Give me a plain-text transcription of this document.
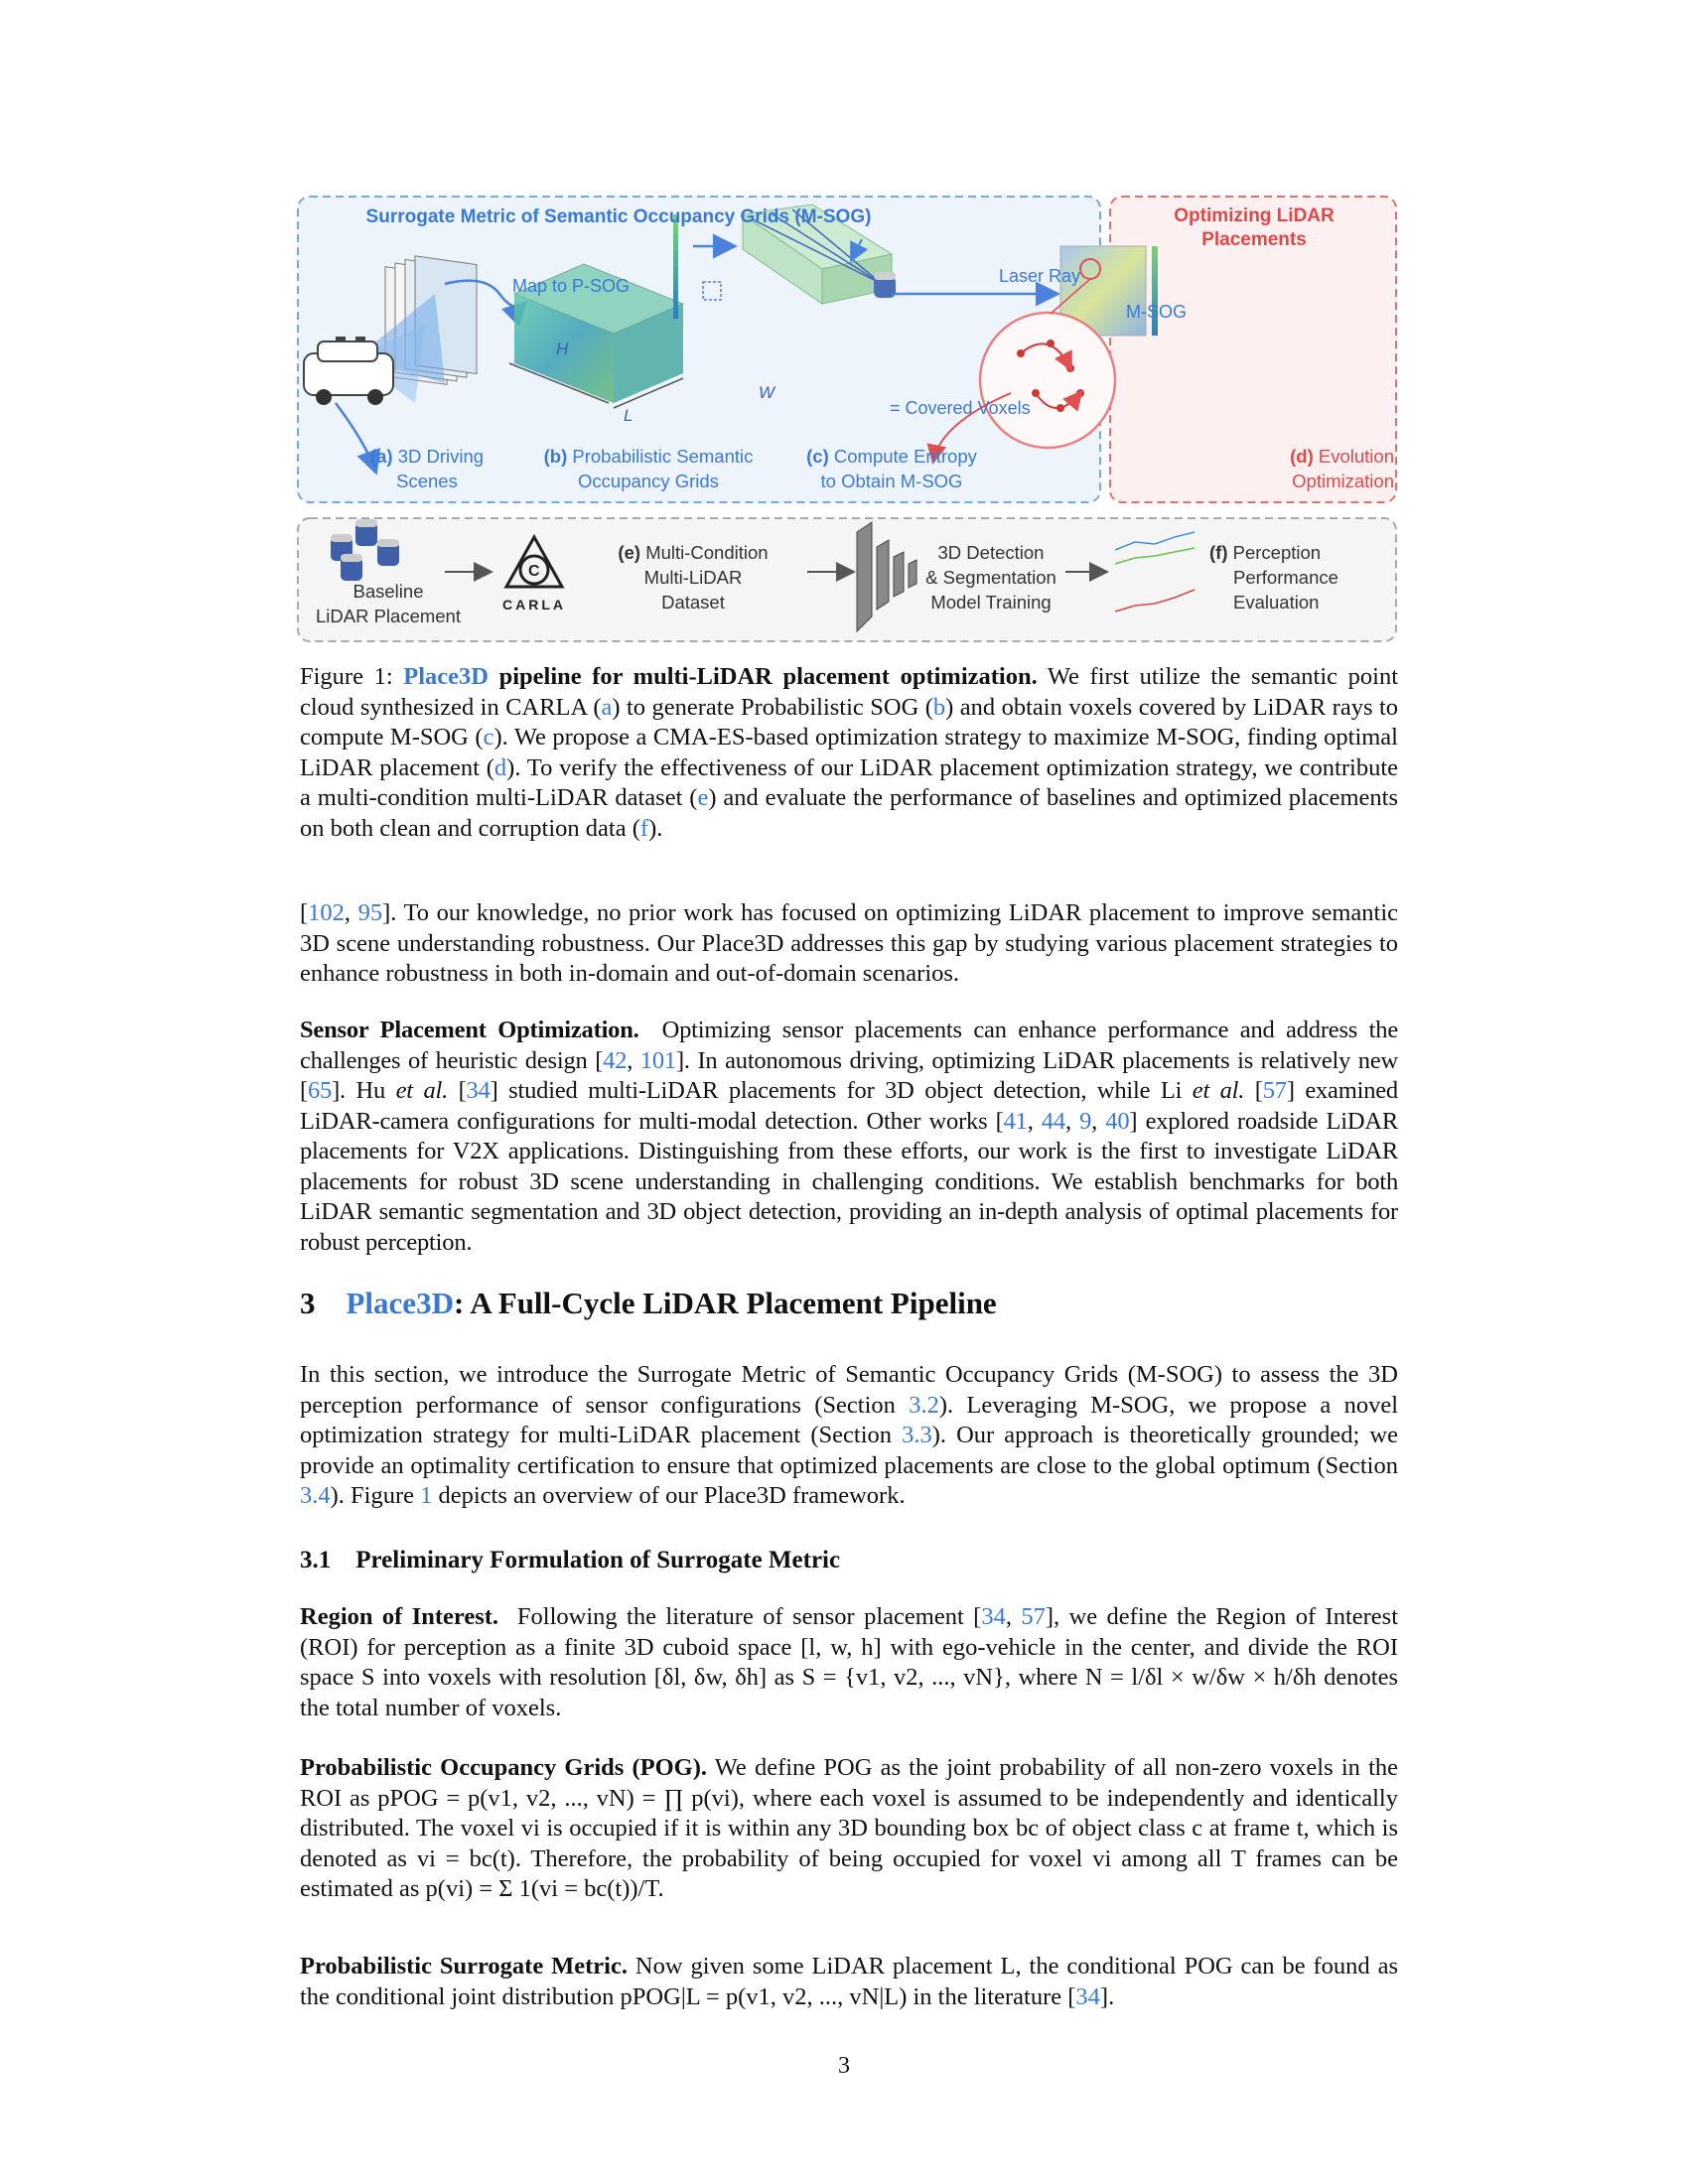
C
Surrogate Metric of Semantic Occupancy Grids (M-SOG)	Optimizing LiDAR
Placements
Map to P-SOG	Laser Ray
M-SOG
H
L
W
= Covered Voxels
(a) 3D Driving
Scenes
(b) Probabilistic Semantic
Occupancy Grids
(c) Compute Entropy
to Obtain M-SOG
(d) Evolution
Optimization
Baseline
LiDAR Placement
CARLA
(e) Multi-Condition
Multi-LiDAR
Dataset
3D Detection
& Segmentation
Model Training
(f) Perception
Performance
Evaluation
Figure 1: Place3D pipeline for multi-LiDAR placement optimization. We first utilize the semantic point cloud synthesized in CARLA (a) to generate Probabilistic SOG (b) and obtain voxels covered by LiDAR rays to compute M-SOG (c). We propose a CMA-ES-based optimization strategy to maximize M-SOG, finding optimal LiDAR placement (d). To verify the effectiveness of our LiDAR placement optimization strategy, we contribute a multi-condition multi-LiDAR dataset (e) and evaluate the performance of baselines and optimized placements on both clean and corruption data (f).

[102, 95]. To our knowledge, no prior work has focused on optimizing LiDAR placement to improve semantic 3D scene understanding robustness. Our Place3D addresses this gap by studying various placement strategies to enhance robustness in both in-domain and out-of-domain scenarios.

Sensor Placement Optimization. Optimizing sensor placements can enhance performance and address the challenges of heuristic design [42, 101]. In autonomous driving, optimizing LiDAR placements is relatively new [65]. Hu et al. [34] studied multi-LiDAR placements for 3D object detection, while Li et al. [57] examined LiDAR-camera configurations for multi-modal detection. Other works [41, 44, 9, 40] explored roadside LiDAR placements for V2X applications. Distinguishing from these efforts, our work is the first to investigate LiDAR placements for robust 3D scene understanding in challenging conditions. We establish benchmarks for both LiDAR semantic segmentation and 3D object detection, providing an in-depth analysis of optimal placements for robust perception.

3 Place3D: A Full-Cycle LiDAR Placement Pipeline

In this section, we introduce the Surrogate Metric of Semantic Occupancy Grids (M-SOG) to assess the 3D perception performance of sensor configurations (Section 3.2). Leveraging M-SOG, we propose a novel optimization strategy for multi-LiDAR placement (Section 3.3). Our approach is theoretically grounded; we provide an optimality certification to ensure that optimized placements are close to the global optimum (Section 3.4). Figure 1 depicts an overview of our Place3D framework.

3.1 Preliminary Formulation of Surrogate Metric

Region of Interest. Following the literature of sensor placement [34, 57], we define the Region of Interest (ROI) for perception as a finite 3D cuboid space [l, w, h] with ego-vehicle in the center, and divide the ROI space S into voxels with resolution [δl, δw, δh] as S = {v1, v2, ..., vN}, where N = l/δl × w/δw × h/δh denotes the total number of voxels.

Probabilistic Occupancy Grids (POG). We define POG as the joint probability of all non-zero voxels in the ROI as pPOG = p(v1, v2, ..., vN) = ∏ p(vi), where each voxel is assumed to be independently and identically distributed. The voxel vi is occupied if it is within any 3D bounding box bc of object class c at frame t, which is denoted as vi = bc(t). Therefore, the probability of being occupied for voxel vi among all T frames can be estimated as p(vi) = Σ 1(vi = bc(t))/T.

Probabilistic Surrogate Metric. Now given some LiDAR placement L, the conditional POG can be found as the conditional joint distribution pPOG|L = p(v1, v2, ..., vN|L) in the literature [34].

3
